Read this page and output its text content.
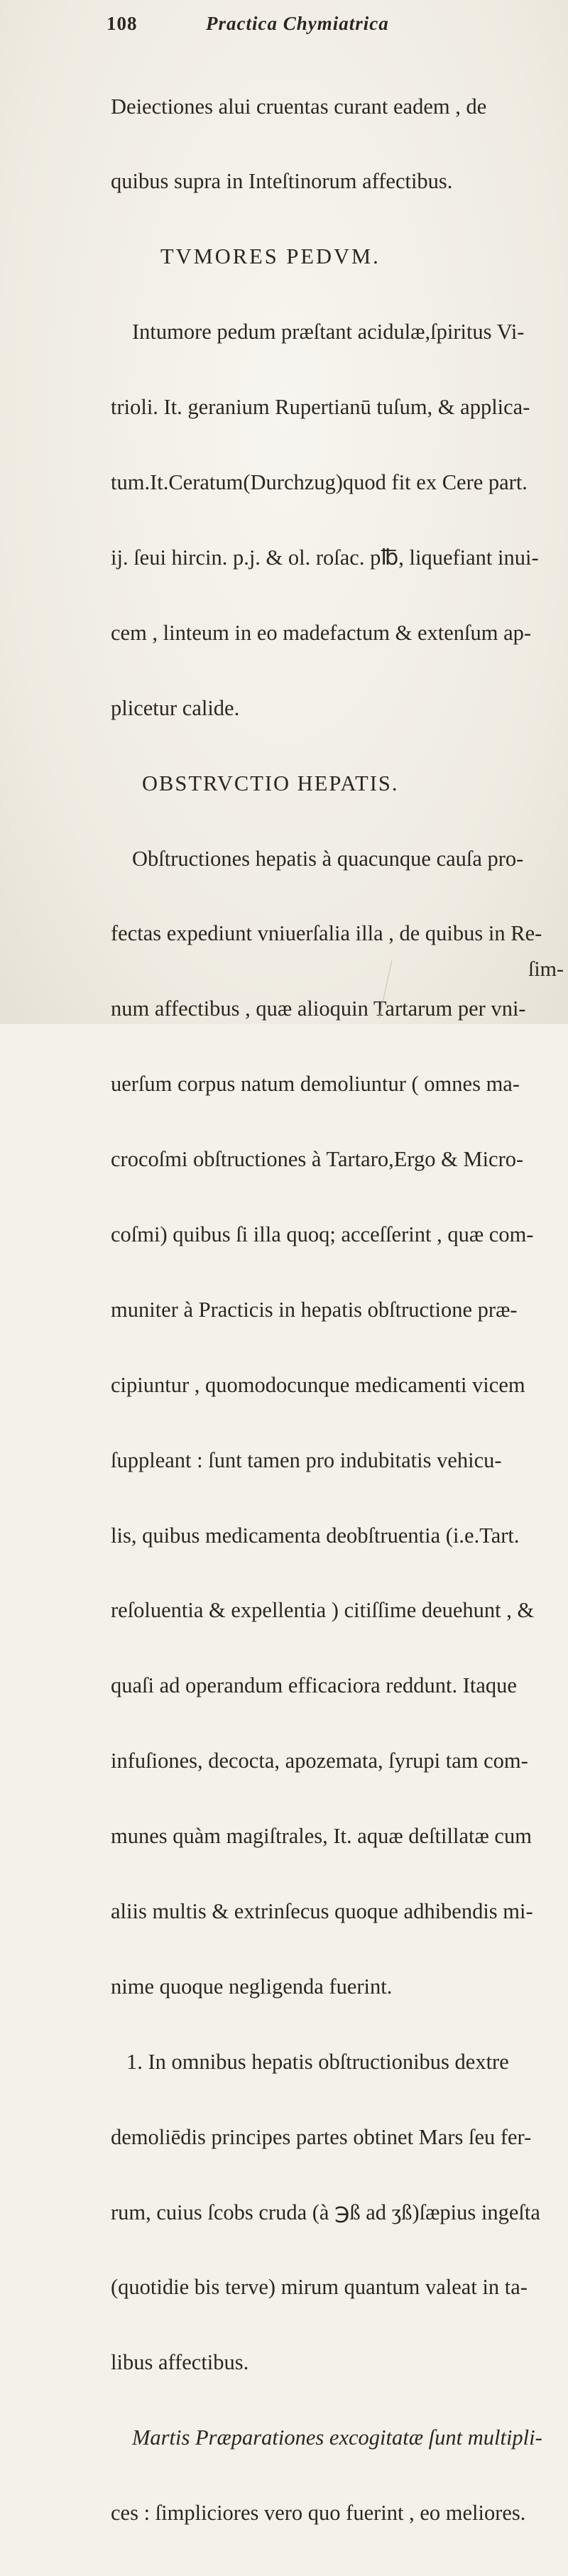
108	Practica Chymiatrica

Deiectiones alui cruentas curant eadem , de

quibus supra in Inteſtinorum affectibus.

TVMORES PEDVM.

Intumore pedum præſtant acidulæ,ſpiritus Vi-

trioli. It. geranium Rupertianū tuſum, & applica-

tum.It.Ceratum(Durchzug)quod fit ex Cere part.

ij. ſeui hircin. p.j. & ol. roſac. p℔, liquefiant inui-

cem , linteum in eo madefactum & extenſum ap-

plicetur calide.

OBSTRVCTIO HEPATIS.

Obſtructiones hepatis à quacunque cauſa pro-

fectas expediunt vniuerſalia illa , de quibus in Re-

num affectibus , quæ alioquin Tartarum per vni-

uerſum corpus natum demoliuntur ( omnes ma-

crocoſmi obſtructiones à Tartaro,Ergo & Micro-

coſmi) quibus ſi illa quoq; acceſſerint , quæ com-

muniter à Practicis in hepatis obſtructione præ-

cipiuntur , quomodocunque medicamenti vicem

ſuppleant : ſunt tamen pro indubitatis vehicu-

lis, quibus medicamenta deobſtruentia (i.e.Tart.

reſoluentia & expellentia ) citiſſime deuehunt , &

quaſi ad operandum efficaciora reddunt. Itaque

infuſiones, decocta, apozemata, ſyrupi tam com-

munes quàm magiſtrales, It. aquæ deſtillatæ cum

aliis multis & extrinſecus quoque adhibendis mi-

nime quoque negligenda fuerint.

1. In omnibus hepatis obſtructionibus dextre

demoliēdis principes partes obtinet Mars ſeu fer-

rum, cuius ſcobs cruda (à ℈ß ad ʒß)ſæpius ingeſta

(quotidie bis terve) mirum quantum valeat in ta-

libus affectibus.

Martis Præparationes excogitatæ ſunt multipli-

ces : ſimpliciores vero quo fuerint , eo meliores.

ſim-
